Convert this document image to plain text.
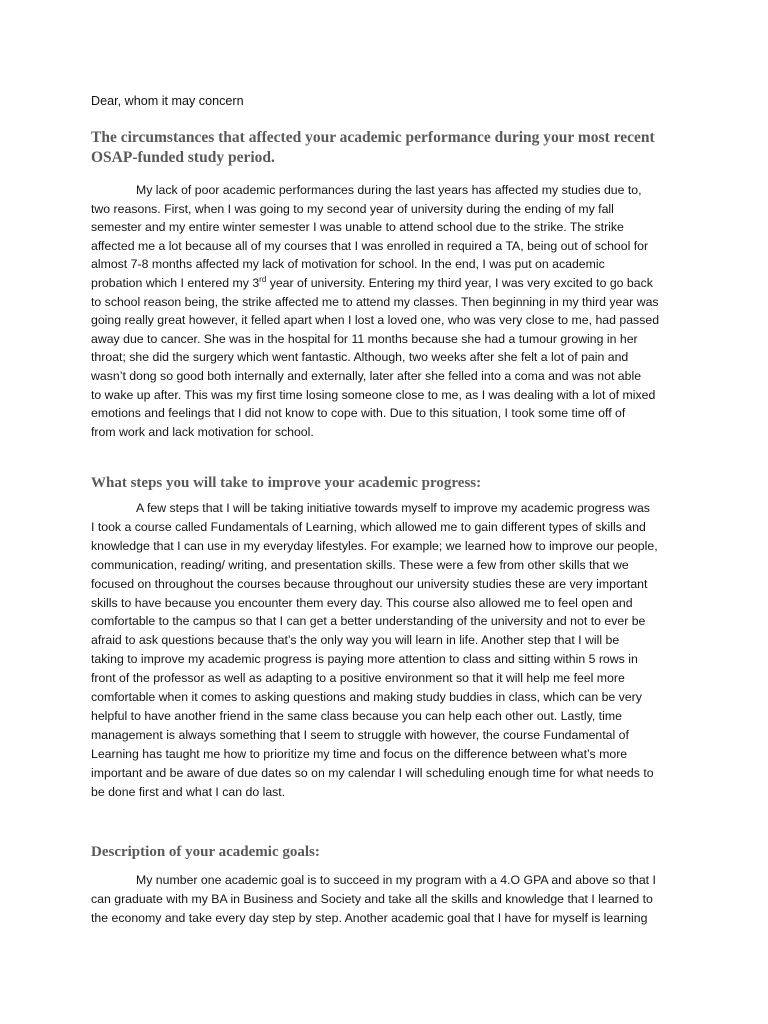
Dear, whom it may concern
The circumstances that affected your academic performance during your most recent
OSAP-funded study period.
My lack of poor academic performances during the last years has affected my studies due to,
two reasons. First, when I was going to my second year of university during the ending of my fall
semester and my entire winter semester I was unable to attend school due to the strike. The strike
affected me a lot because all of my courses that I was enrolled in required a TA, being out of school for
almost 7-8 months affected my lack of motivation for school. In the end, I was put on academic
probation which I entered my 3rd year of university. Entering my third year, I was very excited to go back
to school reason being, the strike affected me to attend my classes. Then beginning in my third year was
going really great however, it felled apart when I lost a loved one, who was very close to me, had passed
away due to cancer. She was in the hospital for 11 months because she had a tumour growing in her
throat; she did the surgery which went fantastic. Although, two weeks after she felt a lot of pain and
wasn’t dong so good both internally and externally, later after she felled into a coma and was not able
to wake up after. This was my first time losing someone close to me, as I was dealing with a lot of mixed
emotions and feelings that I did not know to cope with. Due to this situation, I took some time off of
from work and lack motivation for school.
What steps you will take to improve your academic progress:
A few steps that I will be taking initiative towards myself to improve my academic progress was
I took a course called Fundamentals of Learning, which allowed me to gain different types of skills and
knowledge that I can use in my everyday lifestyles. For example; we learned how to improve our people,
communication, reading/ writing, and presentation skills. These were a few from other skills that we
focused on throughout the courses because throughout our university studies these are very important
skills to have because you encounter them every day. This course also allowed me to feel open and
comfortable to the campus so that I can get a better understanding of the university and not to ever be
afraid to ask questions because that’s the only way you will learn in life. Another step that I will be
taking to improve my academic progress is paying more attention to class and sitting within 5 rows in
front of the professor as well as adapting to a positive environment so that it will help me feel more
comfortable when it comes to asking questions and making study buddies in class, which can be very
helpful to have another friend in the same class because you can help each other out. Lastly, time
management is always something that I seem to struggle with however, the course Fundamental of
Learning has taught me how to prioritize my time and focus on the difference between what’s more
important and be aware of due dates so on my calendar I will scheduling enough time for what needs to
be done first and what I can do last.
Description of your academic goals:
My number one academic goal is to succeed in my program with a 4.O GPA and above so that I
can graduate with my BA in Business and Society and take all the skills and knowledge that I learned to
the economy and take every day step by step. Another academic goal that I have for myself is learning
